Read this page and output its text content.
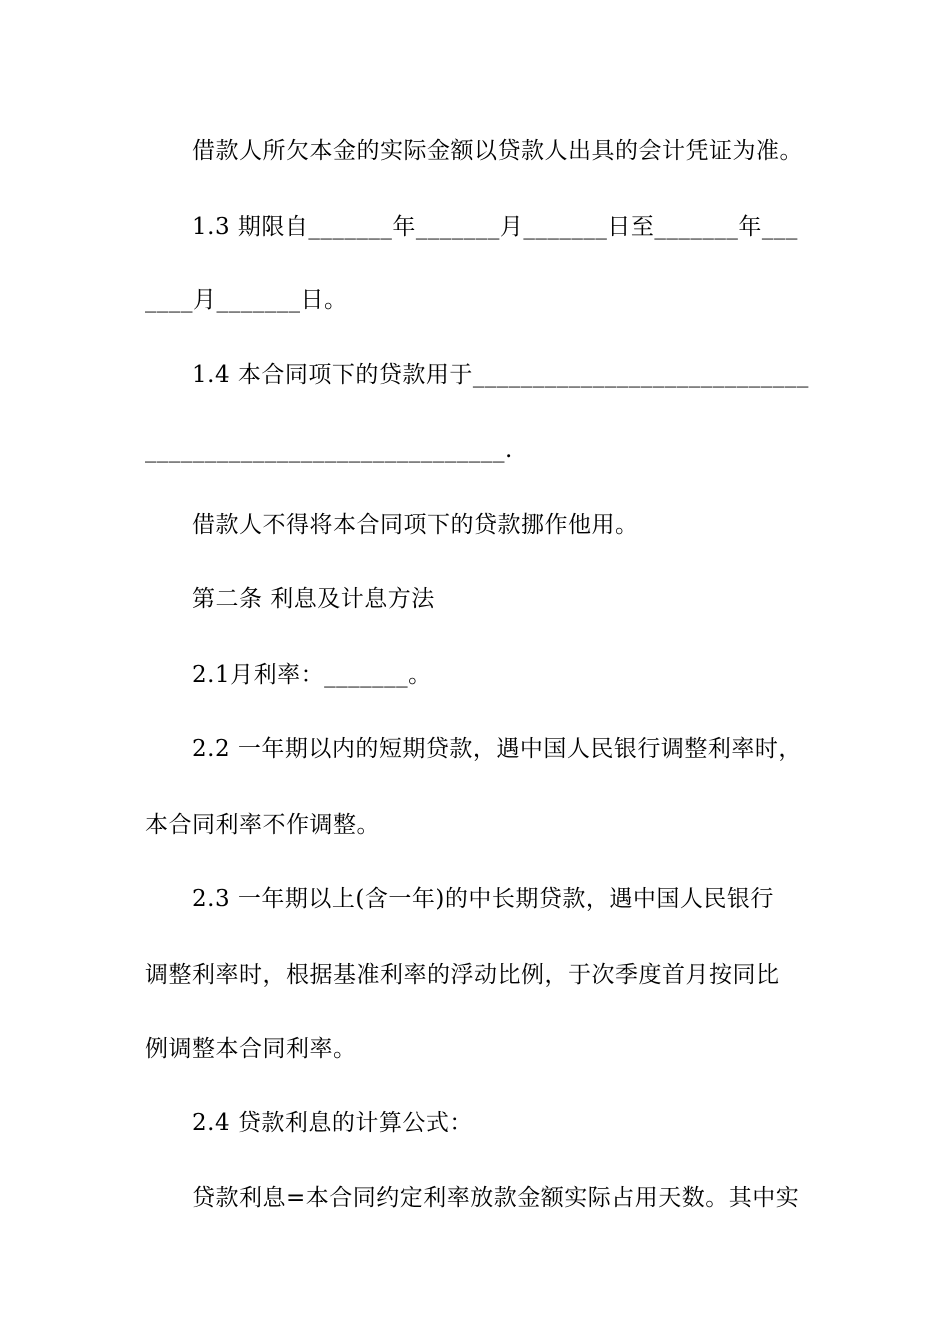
借款人所欠本金的实际金额以贷款人出具的会计凭证为准。
1.3 期限自_______年_______月_______日至_______年___
____月_______日。
1.4 本合同项下的贷款用于____________________________
______________________________.
借款人不得将本合同项下的贷款挪作他用。
第二条 利息及计息方法
2.1月利率：_______。
2.2 一年期以内的短期贷款，遇中国人民银行调整利率时，
本合同利率不作调整。
2.3 一年期以上(含一年)的中长期贷款，遇中国人民银行
调整利率时，根据基准利率的浮动比例，于次季度首月按同比
例调整本合同利率。
2.4 贷款利息的计算公式：
贷款利息=本合同约定利率放款金额实际占用天数。其中实
